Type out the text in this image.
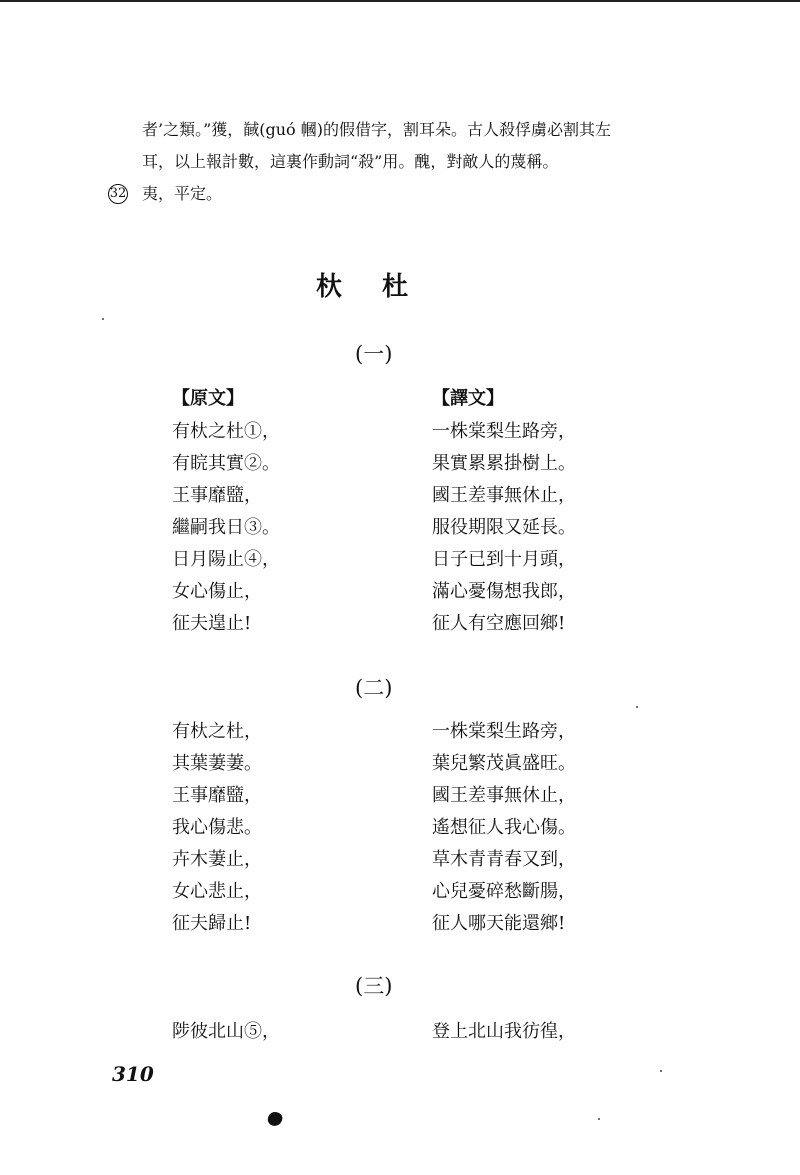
者’之類。”獲，馘(guó 幗)的假借字，割耳朵。古人殺俘虜必割其左
耳，以上報計數，這裏作動詞“殺”用。醜，對敵人的蔑稱。
32 夷，平定。
杕杜
(一)
【原文】	【譯文】
有杕之杜①，
有睆其實②。
王事靡盬，
繼嗣我日③。
日月陽止④，
女心傷止，
征夫遑止!
一株棠梨生路旁，
果實累累掛樹上。
國王差事無休止，
服役期限又延長。
日子已到十月頭，
滿心憂傷想我郎，
征人有空應回鄉!
(二)
有杕之杜，
其葉萋萋。
王事靡盬，
我心傷悲。
卉木萋止，
女心悲止，
征夫歸止!
一株棠梨生路旁，
葉兒繁茂眞盛旺。
國王差事無休止，
遙想征人我心傷。
草木青青春又到，
心兒憂碎愁斷腸，
征人哪天能還鄉!
(三)
陟彼北山⑤，	登上北山我彷徨，
310
